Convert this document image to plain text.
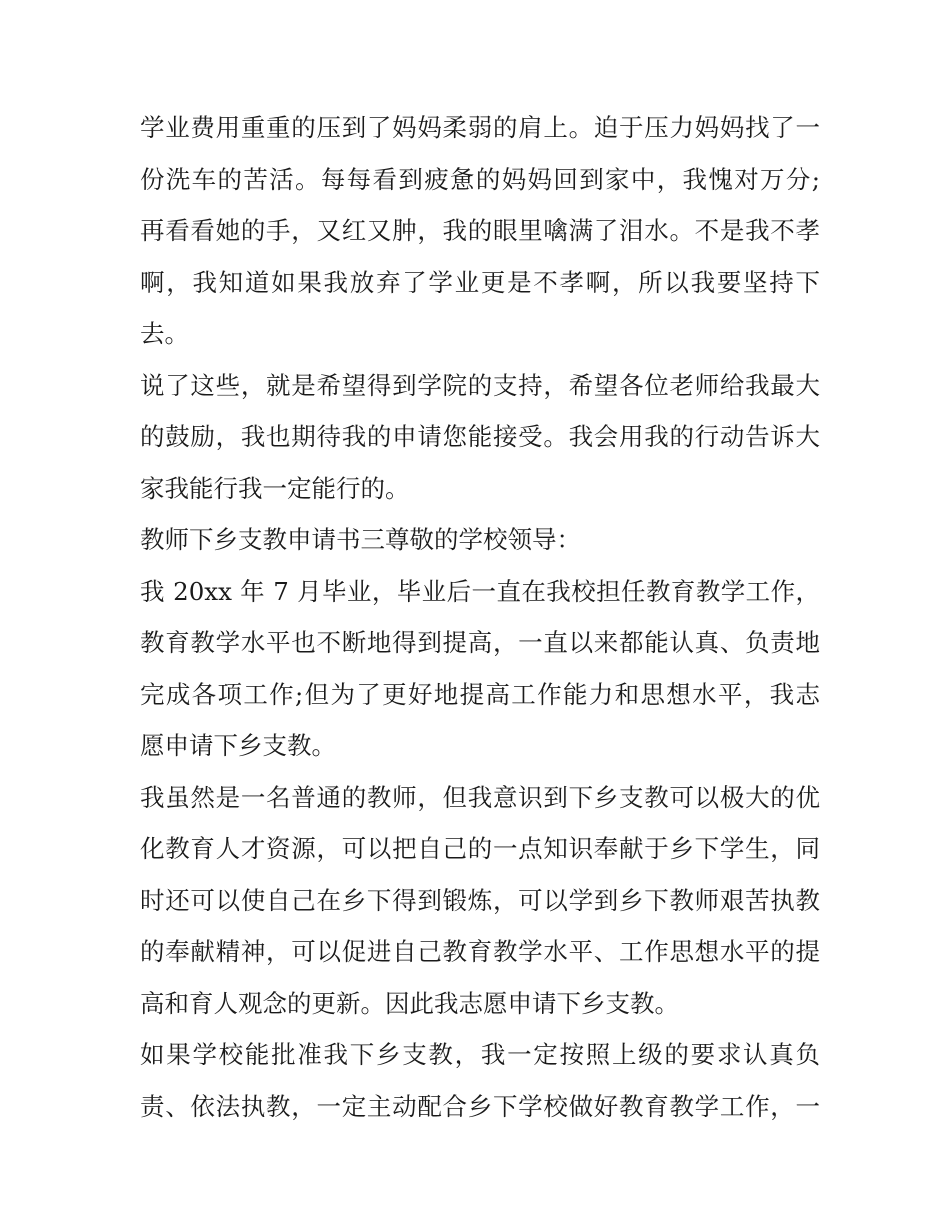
学业费用重重的压到了妈妈柔弱的肩上。迫于压力妈妈找了一
份洗车的苦活。每每看到疲惫的妈妈回到家中，我愧对万分;
再看看她的手，又红又肿，我的眼里噙满了泪水。不是我不孝
啊，我知道如果我放弃了学业更是不孝啊，所以我要坚持下
去。
说了这些，就是希望得到学院的支持，希望各位老师给我最大
的鼓励，我也期待我的申请您能接受。我会用我的行动告诉大
家我能行我一定能行的。
教师下乡支教申请书三尊敬的学校领导：
我 20xx 年 7 月毕业，毕业后一直在我校担任教育教学工作，
教育教学水平也不断地得到提高，一直以来都能认真、负责地
完成各项工作;但为了更好地提高工作能力和思想水平，我志
愿申请下乡支教。
我虽然是一名普通的教师，但我意识到下乡支教可以极大的优
化教育人才资源，可以把自己的一点知识奉献于乡下学生，同
时还可以使自己在乡下得到锻炼，可以学到乡下教师艰苦执教
的奉献精神，可以促进自己教育教学水平、工作思想水平的提
高和育人观念的更新。因此我志愿申请下乡支教。
如果学校能批准我下乡支教，我一定按照上级的要求认真负
责、依法执教，一定主动配合乡下学校做好教育教学工作，一
